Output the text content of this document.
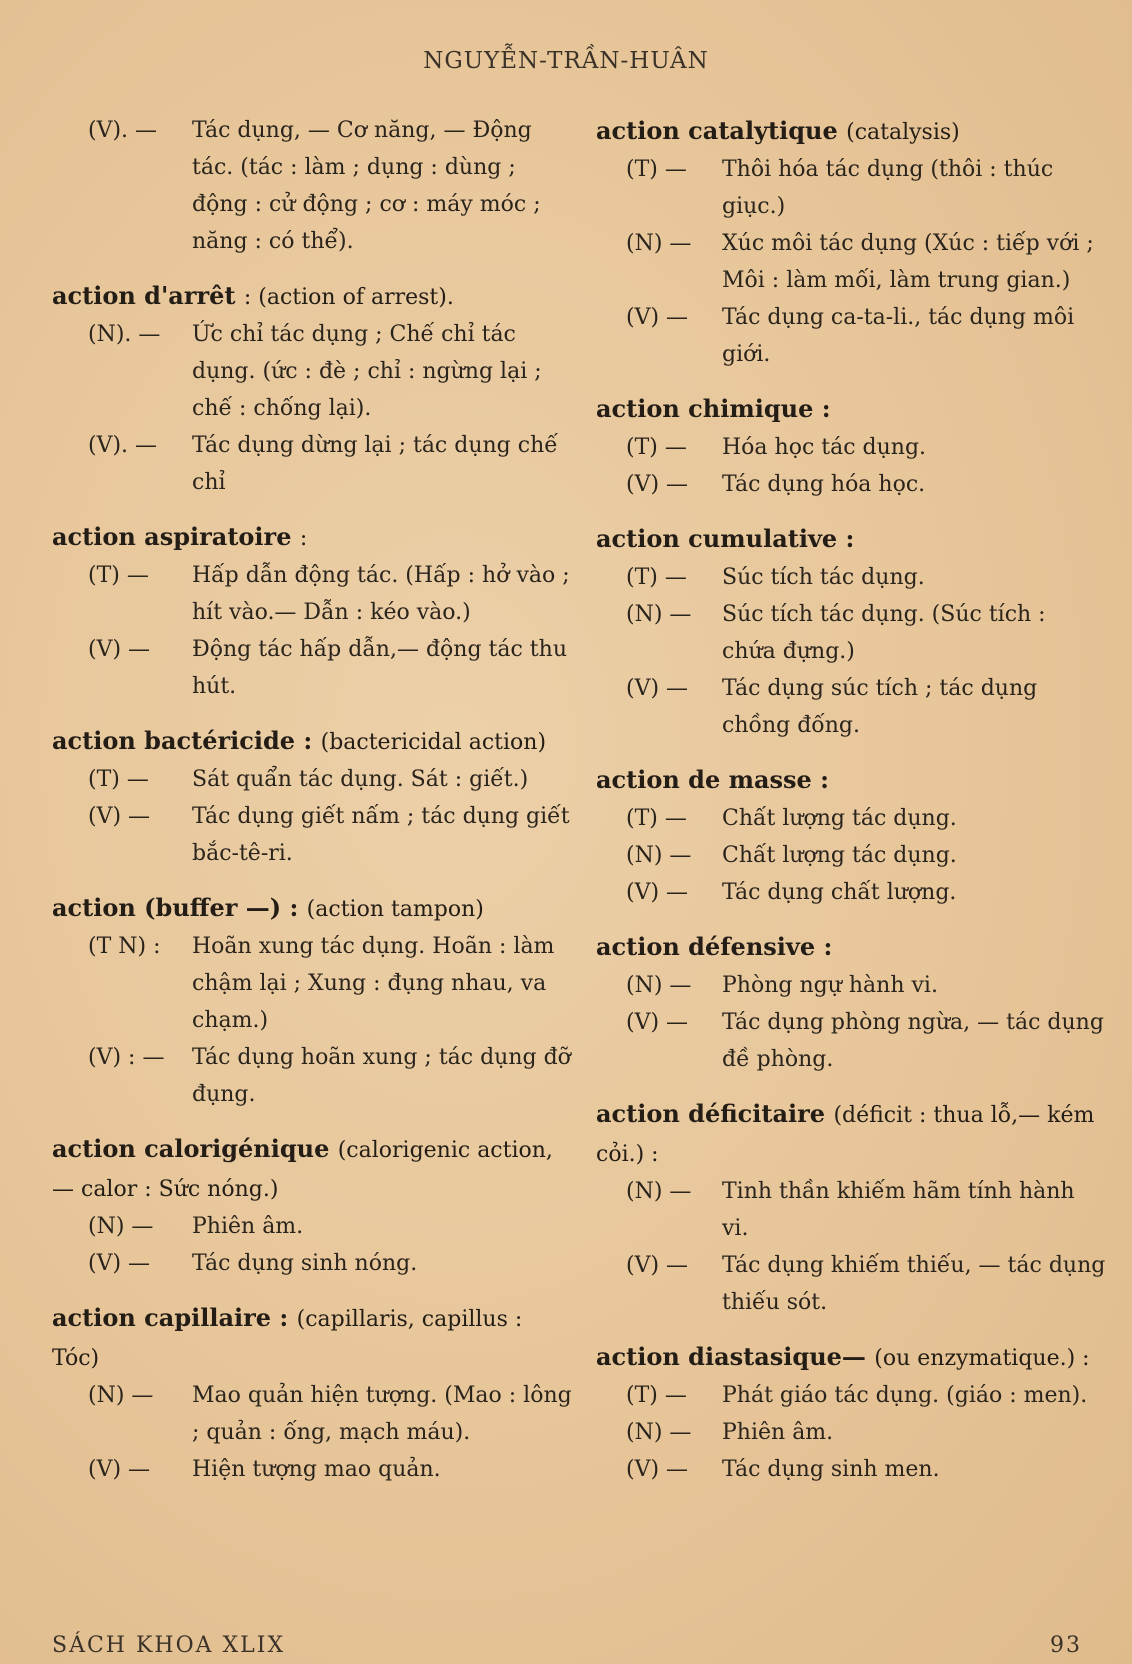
NGUYỄN-TRẦN-HUÂN
(V). —	Tác dụng, — Cơ năng, — Động tác. (tác : làm ; dụng : dùng ; động : cử động ; cơ : máy móc ; năng : có thể).
action d'arrêt : (action of arrest).
(N). —	Ức chỉ tác dụng ; Chế chỉ tác dụng. (ức : đè ; chỉ : ngừng lại ; chế : chống lại).
(V). —	Tác dụng dừng lại ; tác dụng chế chỉ
action aspiratoire :
(T) —	Hấp dẫn động tác. (Hấp : hở vào ; hít vào.— Dẫn : kéo vào.)
(V) —	Động tác hấp dẫn,— động tác thu hút.
action bactéricide : (bactericidal action)
(T) —	Sát quẩn tác dụng. Sát : giết.)
(V) —	Tác dụng giết nấm ; tác dụng giết bắc-tê-ri.
action (buffer —) : (action tampon)
(T N) :	Hoãn xung tác dụng. Hoãn : làm chậm lại ; Xung : đụng nhau, va chạm.)
(V) : —	Tác dụng hoãn xung ; tác dụng đỡ đụng.
action calorigénique (calorigenic action, — calor : Sức nóng.)
(N) —	Phiên âm.
(V) —	Tác dụng sinh nóng.
action capillaire : (capillaris, capillus : Tóc)
(N) —	Mao quản hiện tượng. (Mao : lông ; quản : ống, mạch máu).
(V) —	Hiện tượng mao quản.
action catalytique (catalysis)
(T) —	Thôi hóa tác dụng (thôi : thúc giục.)
(N) —	Xúc môi tác dụng (Xúc : tiếp với ; Môi : làm mối, làm trung gian.)
(V) —	Tác dụng ca-ta-li., tác dụng môi giới.
action chimique :
(T) —	Hóa học tác dụng.
(V) —	Tác dụng hóa học.
action cumulative :
(T) —	Súc tích tác dụng.
(N) —	Súc tích tác dụng. (Súc tích : chứa đựng.)
(V) —	Tác dụng súc tích ; tác dụng chồng đống.
action de masse :
(T) —	Chất lượng tác dụng.
(N) —	Chất lượng tác dụng.
(V) —	Tác dụng chất lượng.
action défensive :
(N) —	Phòng ngự hành vi.
(V) —	Tác dụng phòng ngừa, — tác dụng đề phòng.
action déficitaire (déficit : thua lỗ,— kém cỏi.) :
(N) —	Tinh thần khiếm hãm tính hành vi.
(V) —	Tác dụng khiếm thiếu, — tác dụng thiếu sót.
action diastasique— (ou enzymatique.) :
(T) —	Phát giáo tác dụng. (giáo : men).
(N) —	Phiên âm.
(V) —	Tác dụng sinh men.
SÁCH KHOA XLIX	93
